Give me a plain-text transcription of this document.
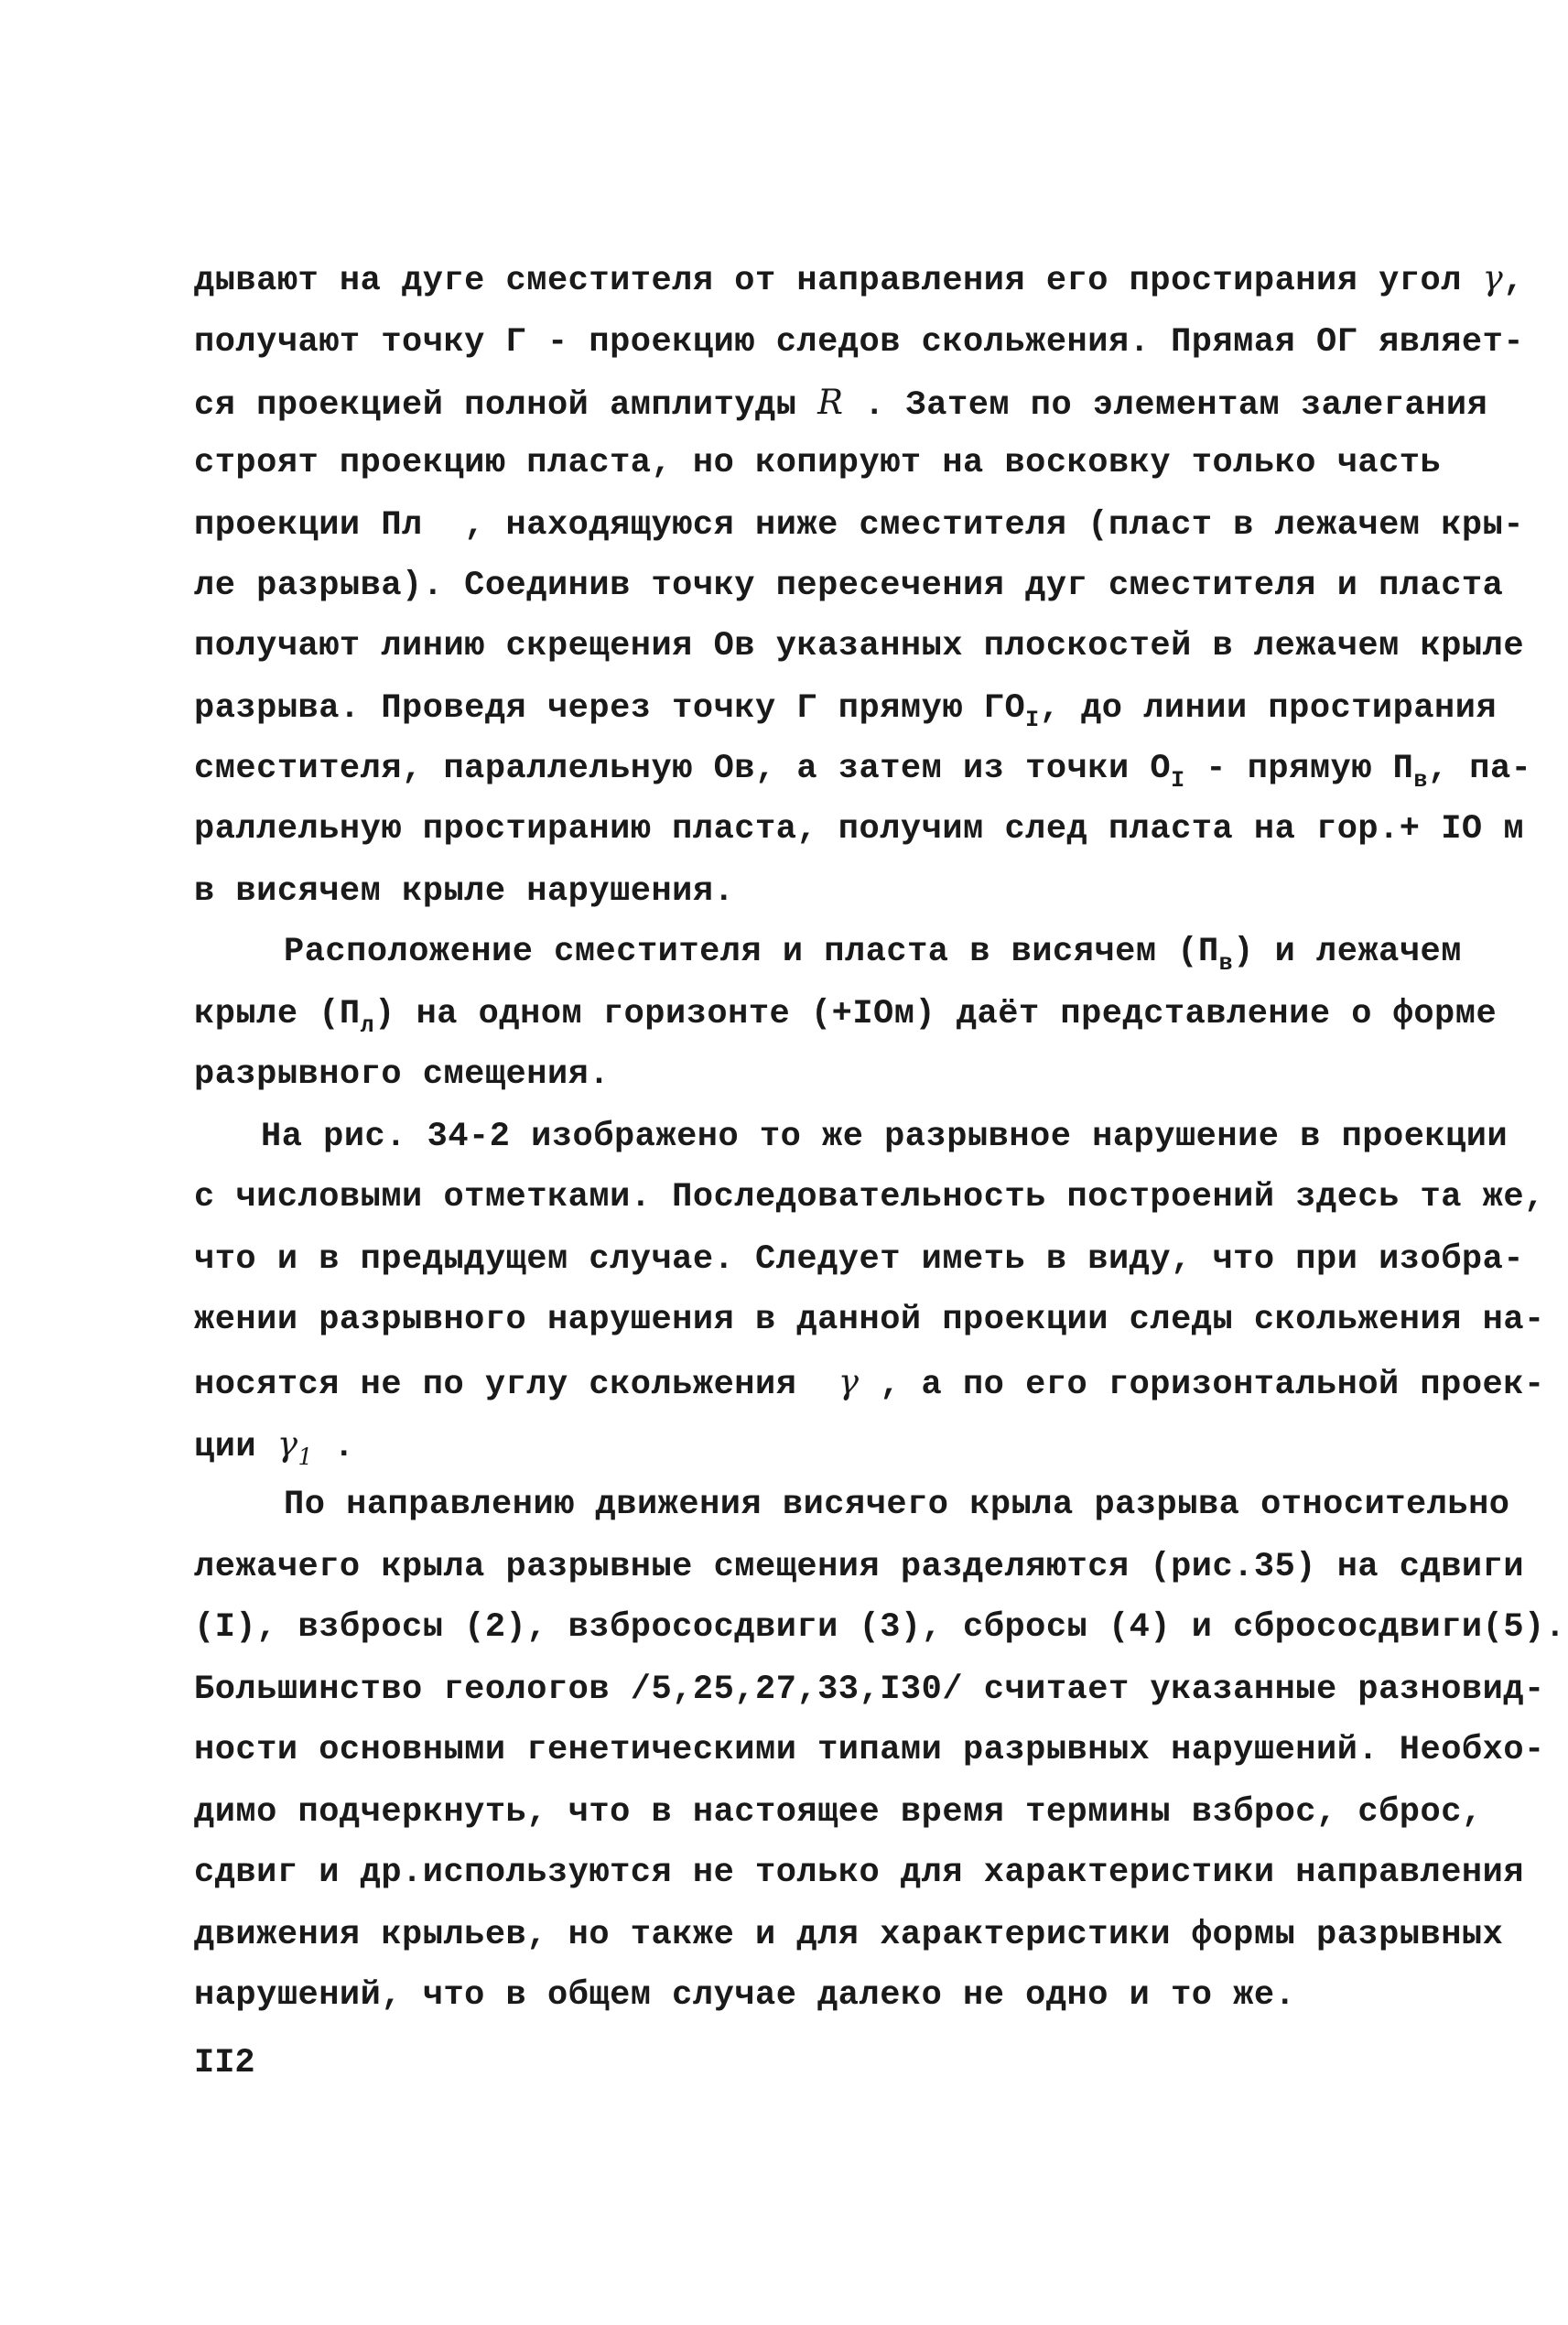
дывают на дуге сместителя от направления его простирания угол γ,
получают точку Г - проекцию следов скольжения. Прямая ОГ являет-
ся проекцией полной амплитуды R . Затем по элементам залегания
строят проекцию пласта, но копируют на восковку только часть
проекции Пл  , находящуюся ниже сместителя (пласт в лежачем кры-
ле разрыва). Соединив точку пересечения дуг сместителя и пласта
получают линию скрещения Ов указанных плоскостей в лежачем крыле
разрыва. Проведя через точку Г прямую $ГО_I$, до линии простирания
сместителя, параллельную Ов, а затем из точки $О_I$ - прямую $П_в$, па-
раллельную простиранию пласта, получим след пласта на гор.+ IO м
в висячем крыле нарушения.
Расположение сместителя и пласта в висячем $(П_в)$ и лежачем
крыле $(П_л)$ на одном горизонте (+IOм) даёт представление о форме
разрывного смещения.
На рис. 34-2 изображено то же разрывное нарушение в проекции
с числовыми отметками. Последовательность построений здесь та же,
что и в предыдущем случае. Следует иметь в виду, что при изобра-
жении разрывного нарушения в данной проекции следы скольжения на-
носятся не по углу скольжения  γ , а по его горизонтальной проек-
ции $\gamma_1$ .
По направлению движения висячего крыла разрыва относительно
лежачего крыла разрывные смещения разделяются (рис.35) на сдвиги
(I), взбросы (2), взбрососдвиги (3), сбросы (4) и сбрососдвиги(5).
Большинство геологов /5,25,27,33,I30/ считает указанные разновид-
ности основными генетическими типами разрывных нарушений. Необхо-
димо подчеркнуть, что в настоящее время термины взброс, сброс,
сдвиг и др.используются не только для характеристики направления
движения крыльев, но также и для характеристики формы разрывных
нарушений, что в общем случае далеко не одно и то же.
II2
